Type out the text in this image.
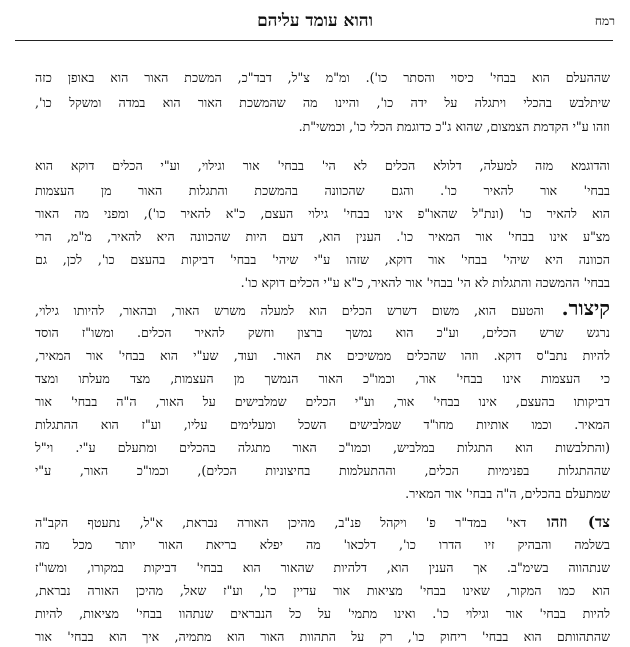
רמח
והוא עומד עליהם
שההעלם הוא בבחי' כיסוי והסתר כו'). ומ"מ צ"ל, דבד"כ, המשכת האור הוא באופן כזה
שיתלבש בהכלי ויתגלה על ידה כו', והיינו מה שהמשכת האור הוא במדה ומשקל כו',
וזהו ע"י הקדמת הצמצום, שהוא ג"כ כדוגמת הכלי כו', וכמשי"ת.
והדוגמא מזה למעלה, דלולא הכלים לא הי' בבחי' אור וגילוי, וע"י הכלים דוקא הוא
בבחי' אור להאיר כו'. והגם שהכוונה בהמשכת והתגלות האור מן העצמות
הוא להאיר כו' (ונת"ל שהאו"פ אינו בבחי' גילוי העצם, כ"א להאיר כו'), ומפני מה האור
מצ"ע אינו בבחי' אור המאיר כו'. הענין הוא, דעם היות שהכוונה היא להאיר, מ"מ, הרי
הכוונה היא שיהי' בבחי' אור דוקא, שזהו ע"י שיהי' בבחי' דביקות בהעצם כו', לכן, גם
בבחי' ההמשכה והתגלות לא הי' בבחי' אור להאיר, כ"א ע"י הכלים דוקא כו'.
קיצור. והטעם הוא, משום דשרש הכלים הוא למעלה משרש האור, ובהאור, להיותו גילוי,
נרגש שרש הכלים, וע"כ הוא נמשך ברצון וחשק להאיר הכלים. ומשו"ז הוסד
להיות נתב"ס דוקא. וזהו שהכלים ממשיכים את האור. ועוד, שע"י הוא בבחי' אור המאיר,
כי העצמות אינו בבחי' אור, וכמו"כ האור הנמשך מן העצמות, מצד מעלתו ומצד
דביקותו בהעצם, אינו בבחי' אור, וע"י הכלים שמלבישים על האור, ה"ה בבחי' אור
המאיר. וכמו אותיות מחו"ד שמלבישים השכל ומעלימים עליו, וע"ז הוא ההתגלות
(והתלבשות הוא התגלות במלביש, וכמו"כ האור מתגלה בהכלים ומתעלם ע"י. וי"ל
שההתגלות בפנימיות הכלים, וההתעלמות בחיצוניות הכלים), וכמו"כ האור, ע"י
שמתעלם בהכלים, ה"ה בבחי' אור המאיר.
צד) וזהו דאי' במד"ר פ' ויקהל פנ"ב, מהיכן האורה נבראת, א"ל, נתעטף הקב"ה
בשלמה והבהיק זיו הדרו כו', דלכאו' מה יפלא בריאת האור יותר מכל מה
שנתהווה בשימ"ב. אך הענין הוא, דלהיות שהאור הוא בבחי' דביקות במקורו, ומשו"ז
הוא כמו המקור, שאינו בבחי' מציאות אור עדיין כו', וע"ז שאל, מהיכן האורה נבראת,
להיות בבחי' אור וגילוי כו'. ואינו מתמי' על כל הנבראים שנתהוו בבחי' מציאות, להיות
שהתהוותם הוא בבחי' ריחוק כו', רק על התהוות האור הוא מתמיה, איך הוא בבחי' אור
